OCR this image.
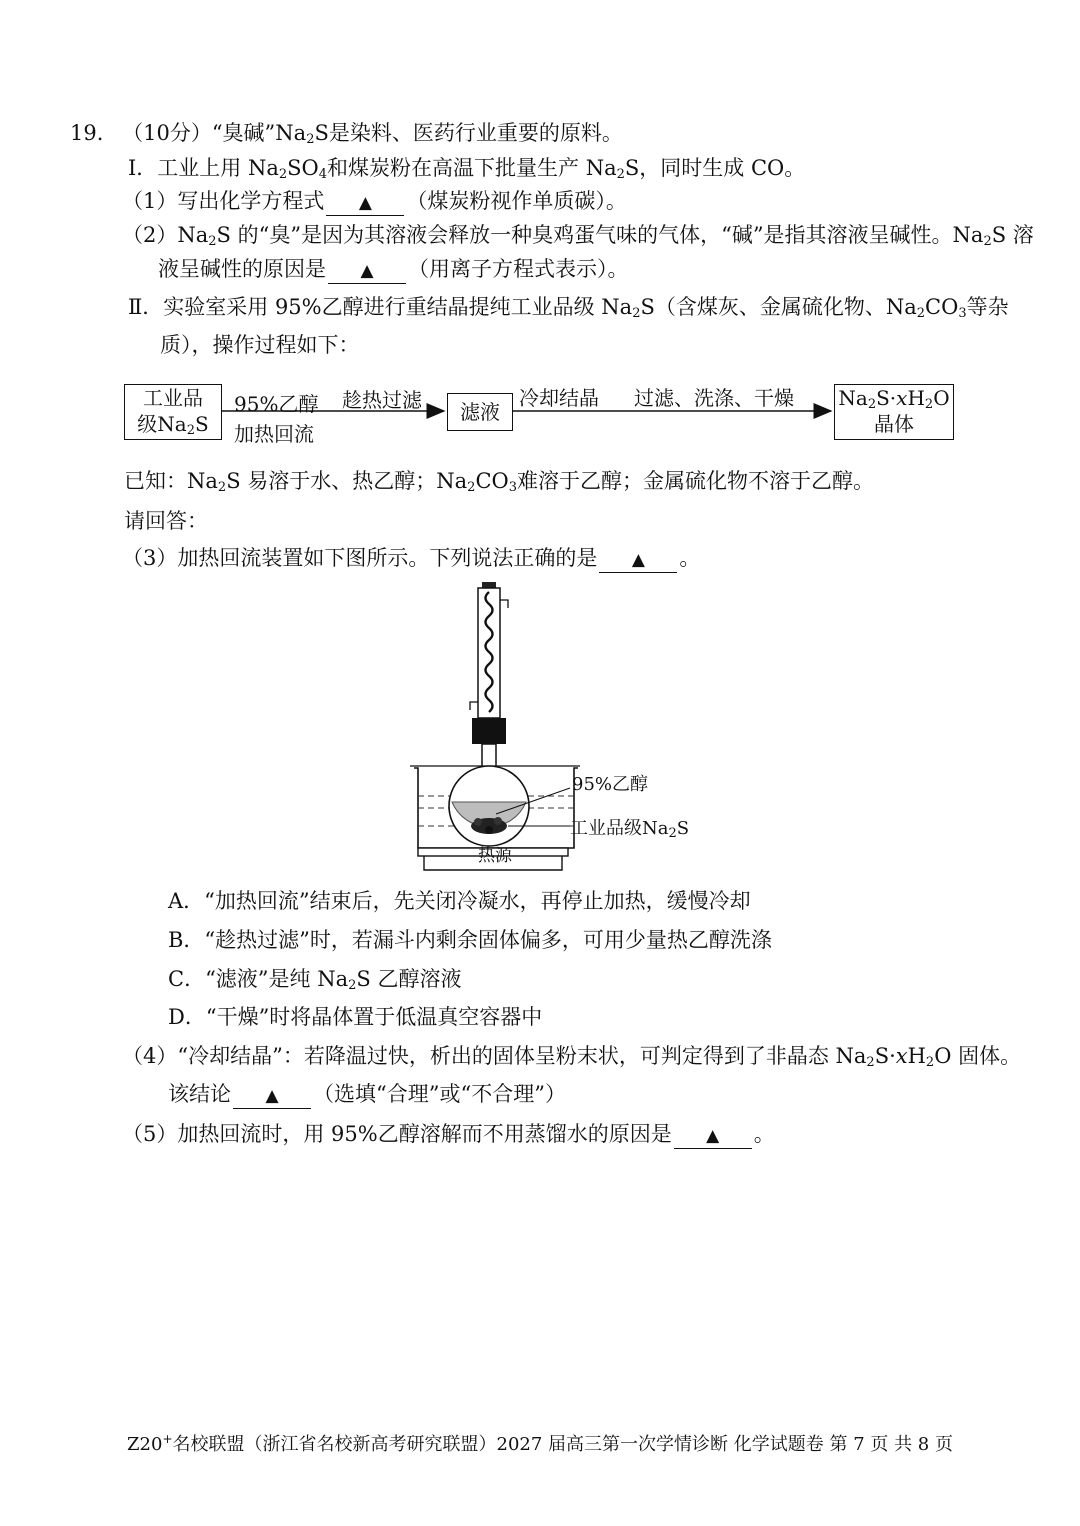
19. （10分）“臭碱$”Na_2S$是染料、医药行业重要的原料。
Ⅰ．工业上用 $Na_2SO_4$和煤炭粉在高温下批量生产 $Na_2S$，同时生成 CO。
（1）写出化学方程式 ▲ （煤炭粉视作单质碳）。
$(2)Na_2S$ 的“臭”是因为其溶液会释放一种臭鸡蛋气味的气体，“碱”是指其溶液呈碱性。$Na_2S$ 溶
液呈碱性的原因是 ▲ （用离子方程式表示）。
Ⅱ．实验室采用 95%乙醇进行重结晶提纯工业品级 $Na_2S$（含煤灰、金属硫化物、$Na_2CO_3$等杂
质），操作过程如下：
工业品
级$Na_2S$	滤液
$Na_2S\cdot xH_2O$
晶体
95%乙醇
加热回流
趁热过滤	冷却结晶 过滤、洗涤、干燥
已知：$Na_2S$ 易溶于水、热乙醇；$Na_2CO_3$难溶于乙醇；金属硫化物不溶于乙醇。
请回答：
（3）加热回流装置如下图所示。下列说法正确的是 ▲ 。
95%乙醇
工业品级$Na_2S$
热源
A．“加热回流”结束后，先关闭冷凝水，再停止加热，缓慢冷却
B．“趁热过滤”时，若漏斗内剩余固体偏多，可用少量热乙醇洗涤
C．“滤液”是纯 $Na_2S$ 乙醇溶液
D．“干燥”时将晶体置于低温真空容器中
（4）“冷却结晶”：若降温过快，析出的固体呈粉末状，可判定得到了非晶态 $Na_2S\cdot xH_2O$ 固体。
该结论 ▲ （选填“合理”或“不合理”）
（5）加热回流时，用 95%乙醇溶解而不用蒸馏水的原因是 ▲ 。
Z20+名校联盟（浙江省名校新高考研究联盟）2027 届高三第一次学情诊断 化学试题卷 第 7 页 共 8 页
